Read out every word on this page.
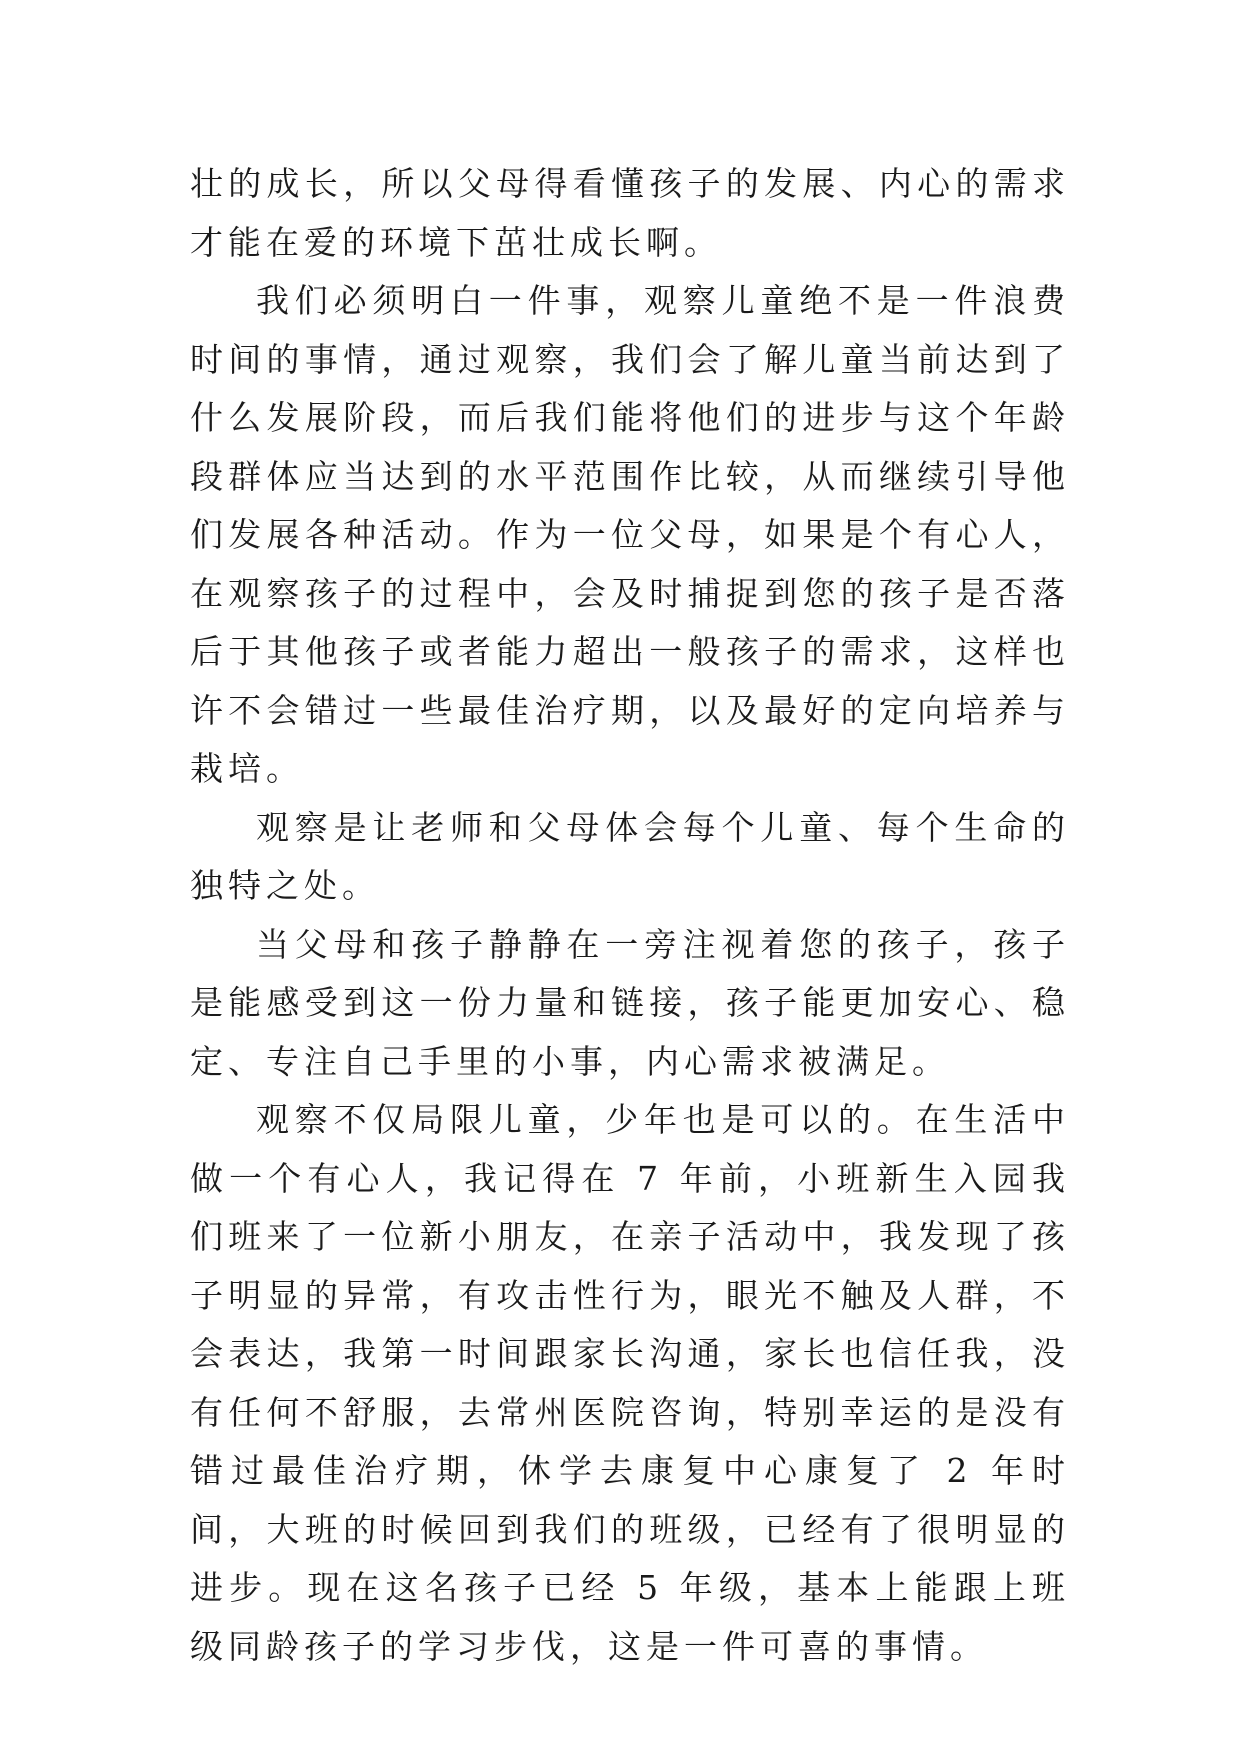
壮的成长，所以父母得看懂孩子的发展、内心的需求才能在爱的环境下茁壮成长啊。

我们必须明白一件事，观察儿童绝不是一件浪费时间的事情，通过观察，我们会了解儿童当前达到了什么发展阶段，而后我们能将他们的进步与这个年龄段群体应当达到的水平范围作比较，从而继续引导他们发展各种活动。作为一位父母，如果是个有心人，在观察孩子的过程中，会及时捕捉到您的孩子是否落后于其他孩子或者能力超出一般孩子的需求，这样也许不会错过一些最佳治疗期，以及最好的定向培养与栽培。

观察是让老师和父母体会每个儿童、每个生命的独特之处。

当父母和孩子静静在一旁注视着您的孩子，孩子是能感受到这一份力量和链接，孩子能更加安心、稳定、专注自己手里的小事，内心需求被满足。

观察不仅局限儿童，少年也是可以的。在生活中做一个有心人，我记得在 7 年前，小班新生入园我们班来了一位新小朋友，在亲子活动中，我发现了孩子明显的异常，有攻击性行为，眼光不触及人群，不会表达，我第一时间跟家长沟通，家长也信任我，没有任何不舒服，去常州医院咨询，特别幸运的是没有错过最佳治疗期，休学去康复中心康复了 2 年时间，大班的时候回到我们的班级，已经有了很明显的进步。现在这名孩子已经 5 年级，基本上能跟上班级同龄孩子的学习步伐，这是一件可喜的事情。
